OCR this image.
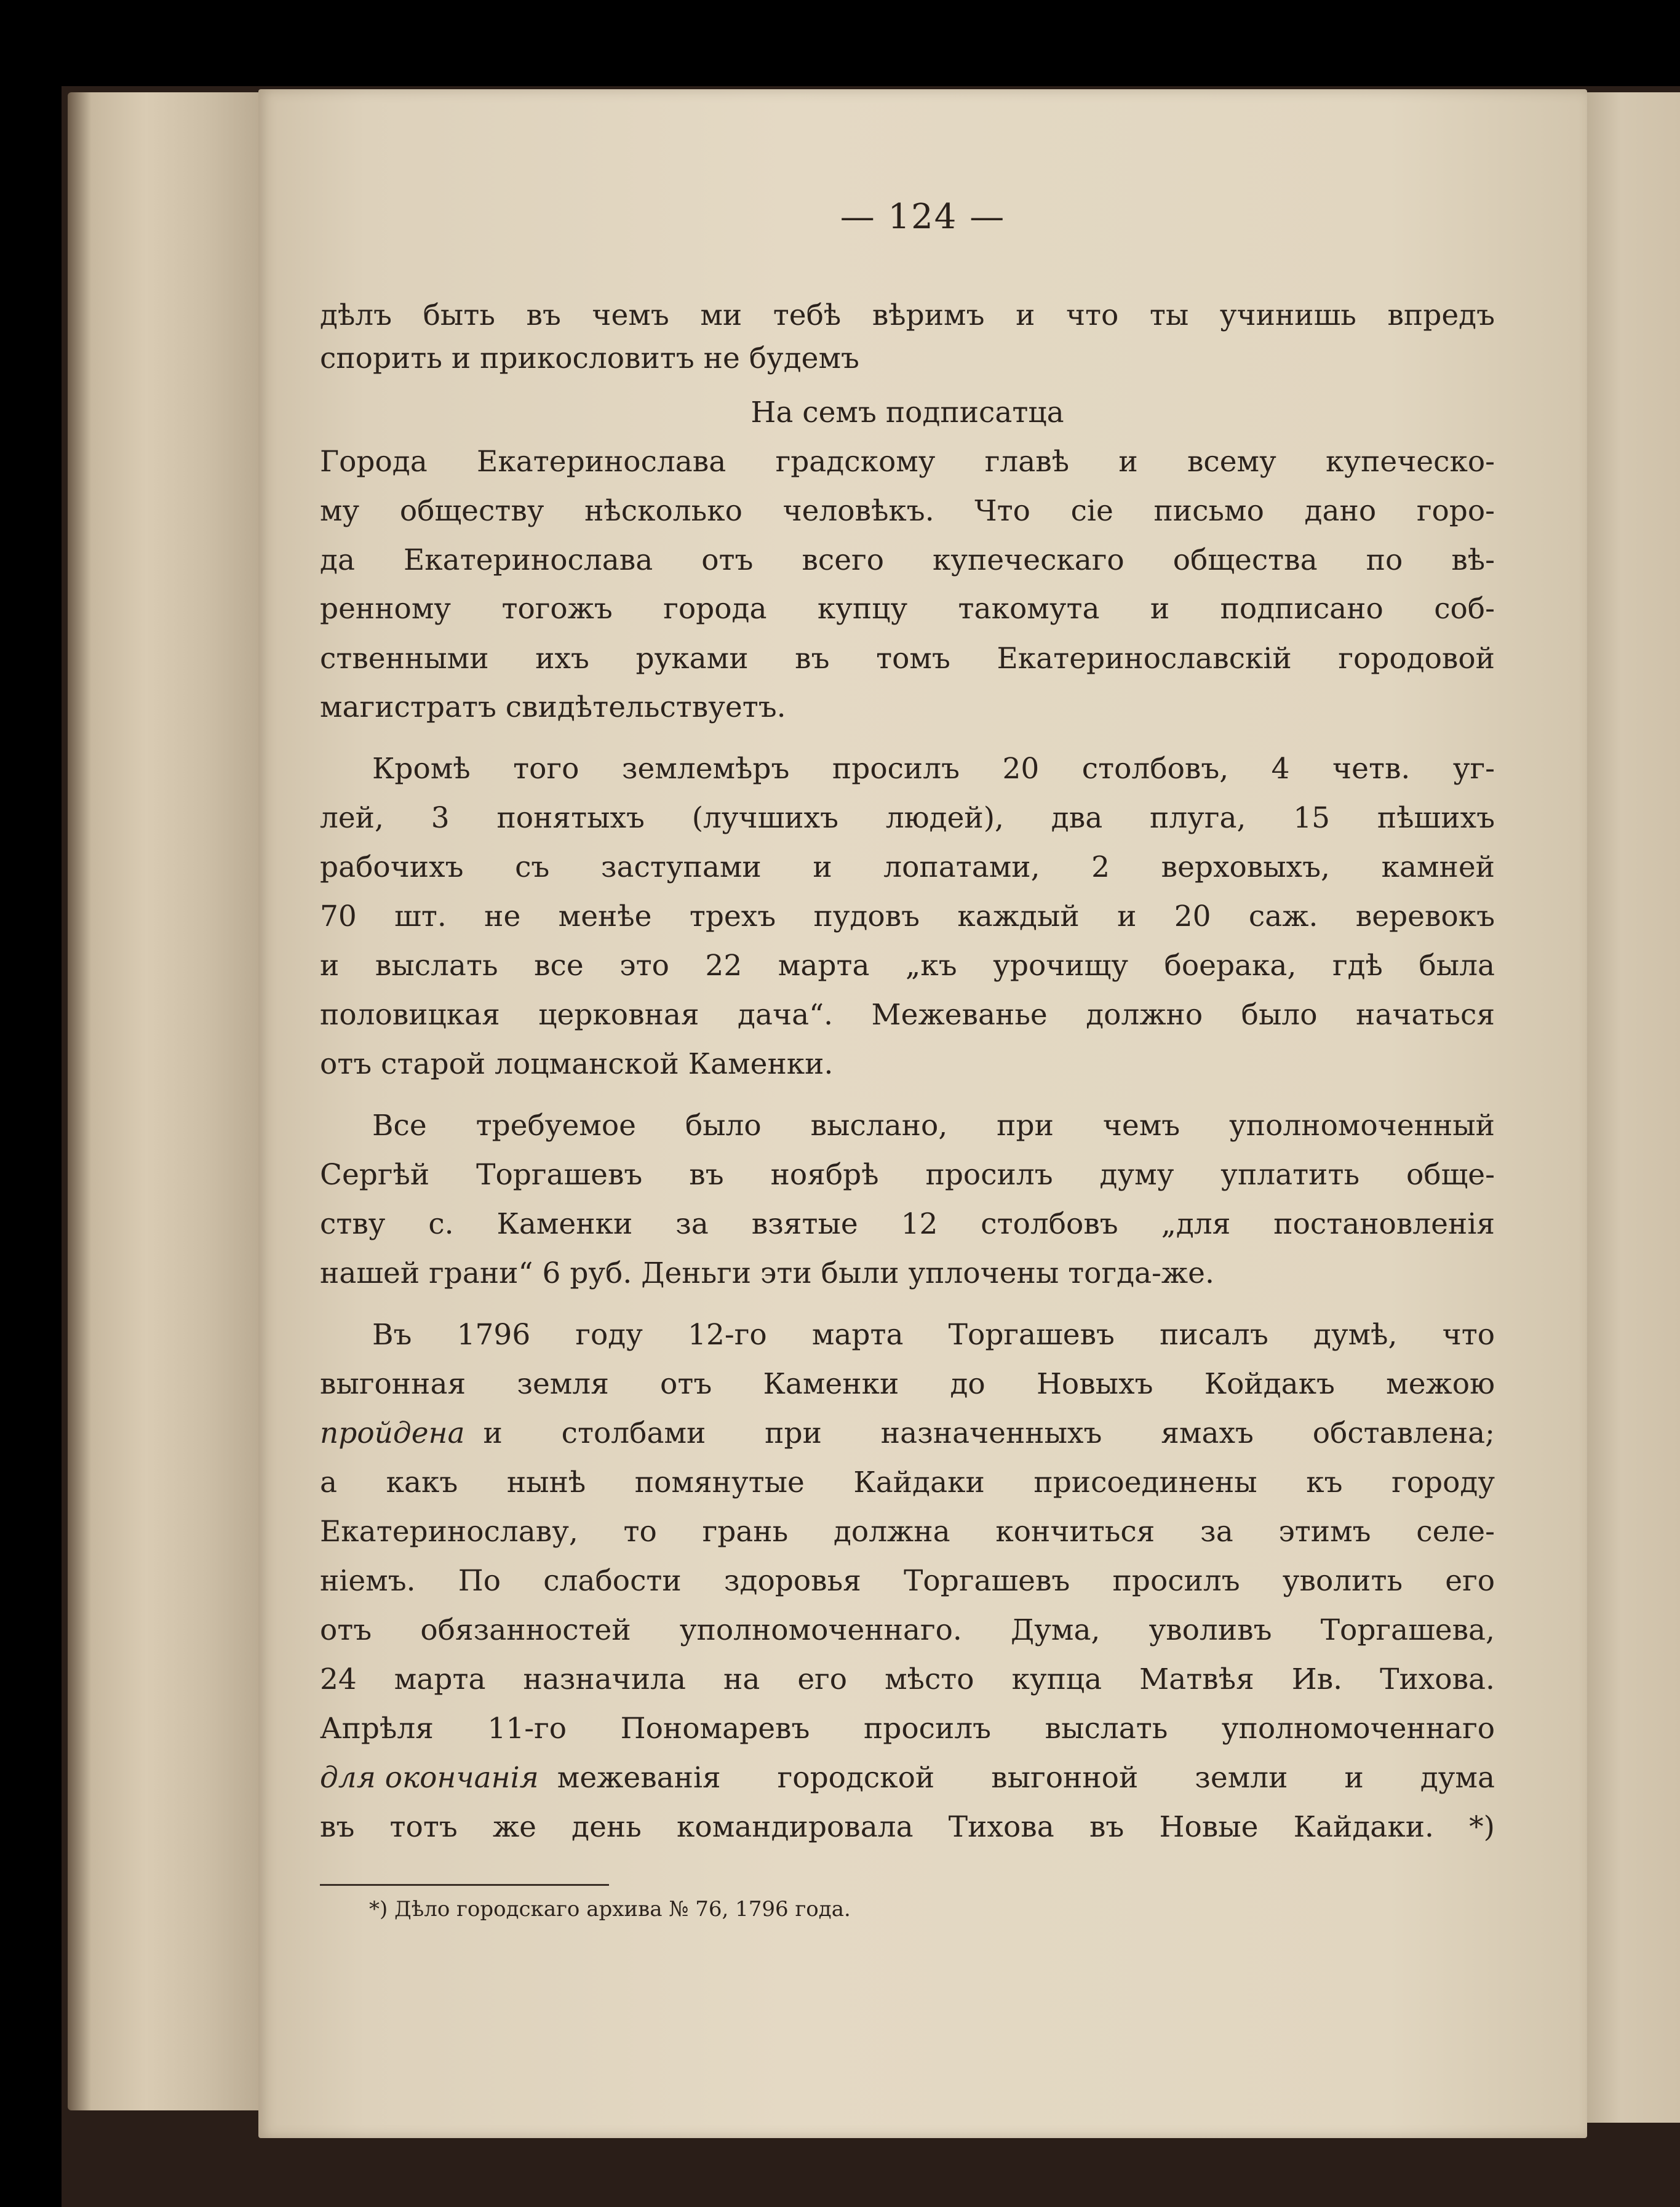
— 124 —
дѣлъ быть въ чемъ ми тебѣ вѣримъ и что ты учинишь впредъ
спорить и прикословитъ не будемъ
На семъ подписатца
Города Екатеринослава градскому главѣ и всему купеческо-
му обществу нѣсколько человѣкъ. Что сіе письмо дано горо-
да Екатеринослава отъ всего купеческаго общества по вѣ-
ренному тогожъ города купцу такомута и подписано соб-
ственными ихъ руками въ томъ Екатеринославскій городовой
магистратъ свидѣтельствуетъ.
Кромѣ того землемѣръ просилъ 20 столбовъ, 4 четв. уг-
лей, 3 понятыхъ (лучшихъ людей), два плуга, 15 пѣшихъ
рабочихъ съ заступами и лопатами, 2 верховыхъ, камней
70 шт. не менѣе трехъ пудовъ каждый и 20 саж. веревокъ
и выслать все это 22 марта „къ урочищу боерака, гдѣ была
половицкая церковная дача“. Межеванье должно было начаться
отъ старой лоцманской Каменки.
Все требуемое было выслано, при чемъ уполномоченный
Сергѣй Торгашевъ въ ноябрѣ просилъ думу уплатить обще-
ству с. Каменки за взятые 12 столбовъ „для постановленія
нашей грани“ 6 руб. Деньги эти были уплочены тогда-же.
Въ 1796 году 12-го марта Торгашевъ писалъ думѣ, что
выгонная земля отъ Каменки до Новыхъ Койдакъ межою
пройдена и столбами при назначенныхъ ямахъ обставлена;
а какъ нынѣ помянутые Кайдаки присоединены къ городу
Екатеринославу, то грань должна кончиться за этимъ селе-
ніемъ. По слабости здоровья Торгашевъ просилъ уволить его
отъ обязанностей уполномоченнаго. Дума, уволивъ Торгашева,
24 марта назначила на его мѣсто купца Матвѣя Ив. Тихова.
Апрѣля 11-го Пономаревъ просилъ выслать уполномоченнаго
для окончанія межеванія городской выгонной земли и дума
въ тотъ же день командировала Тихова въ Новые Кайдаки. *)
*) Дѣло городскаго архива № 76, 1796 года.
